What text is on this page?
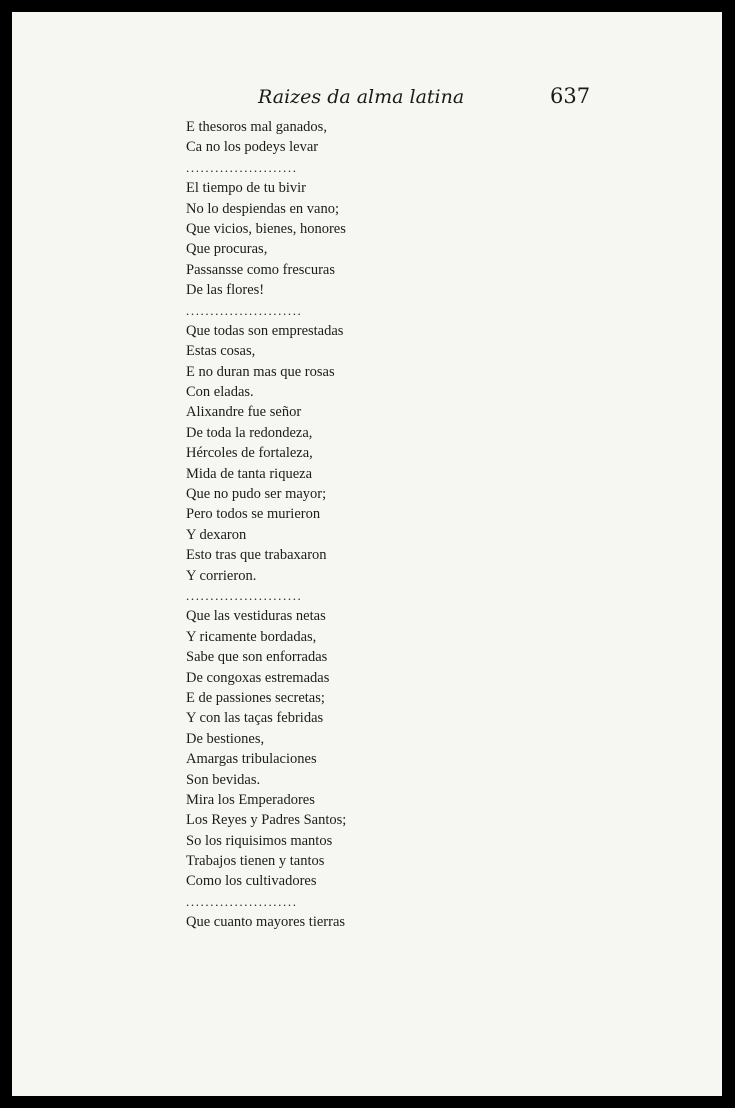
Raizes da alma latina	637
E thesoros mal ganados,
Ca no los podeys levar
.......................
El tiempo de tu bivir
No lo despiendas en vano;
Que vicios, bienes, honores
Que procuras,
Passansse como frescuras
De las flores!
........................
Que todas son emprestadas
Estas cosas,
E no duran mas que rosas
Con eladas.
Alixandre fue señor
De toda la redondeza,
Hércoles de fortaleza,
Mida de tanta riqueza
Que no pudo ser mayor;
Pero todos se murieron
Y dexaron
Esto tras que trabaxaron
Y corrieron.
........................
Que las vestiduras netas
Y ricamente bordadas,
Sabe que son enforradas
De congoxas estremadas
E de passiones secretas;
Y con las taças febridas
De bestiones,
Amargas tribulaciones
Son bevidas.
Mira los Emperadores
Los Reyes y Padres Santos;
So los riquisimos mantos
Trabajos tienen y tantos
Como los cultivadores
.......................
Que cuanto mayores tierras
